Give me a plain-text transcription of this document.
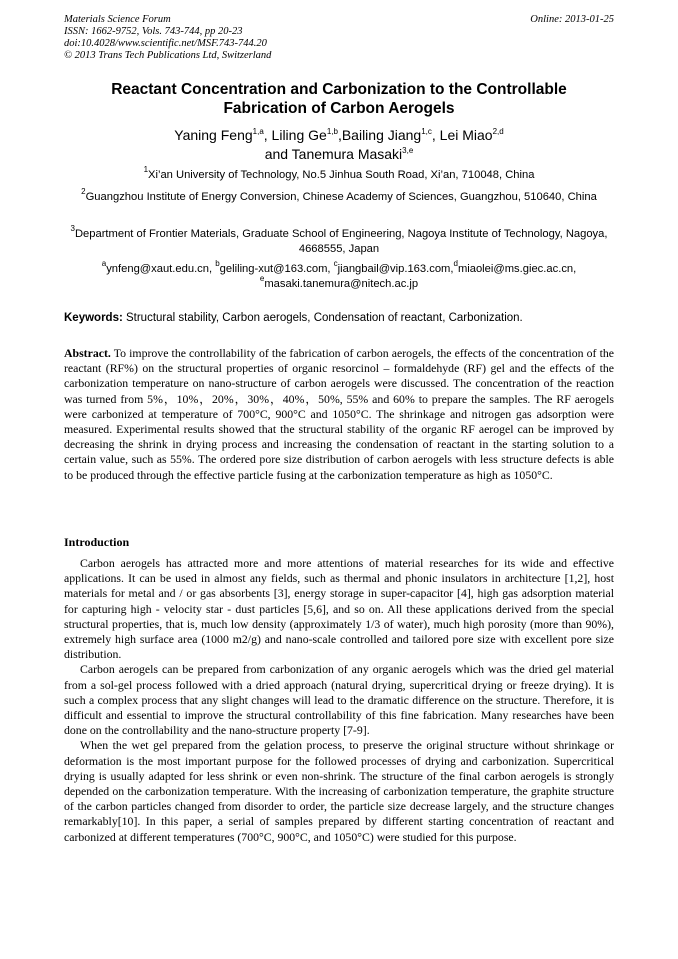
Materials Science Forum
ISSN: 1662-9752, Vols. 743-744, pp 20-23
doi:10.4028/www.scientific.net/MSF.743-744.20
© 2013 Trans Tech Publications Ltd, Switzerland
Online: 2013-01-25
Reactant Concentration and Carbonization to the Controllable
Fabrication of Carbon Aerogels
Yaning Feng$^{1,a}$, Liling Ge$^{1,b}$,Bailing Jiang$^{1,c}$, Lei Miao$^{2,d}$
and Tanemura Masaki$^{3,e}$
$^1$Xi’an University of Technology, No.5 Jinhua South Road, Xi’an, 710048, China
$^2$Guangzhou Institute of Energy Conversion, Chinese Academy of Sciences, Guangzhou, 510640, China
$^3$Department of Frontier Materials, Graduate School of Engineering, Nagoya Institute of Technology, Nagoya, 4668555, Japan
$^a$ynfeng@xaut.edu.cn, $^b$geliling-xut@163.com, $^c$jiangbail@vip.163.com,$^d$miaolei@ms.giec.ac.cn,
$^e$masaki.tanemura@nitech.ac.jp
Keywords: Structural stability, Carbon aerogels, Condensation of reactant, Carbonization.
Abstract. To improve the controllability of the fabrication of carbon aerogels, the effects of the concentration of the reactant (RF%) on the structural properties of organic resorcinol – formaldehyde (RF) gel and the effects of the carbonization temperature on nano-structure of carbon aerogels were discussed. The concentration of the reaction was turned from 5%，10%，20%，30%，40%，50%, 55% and 60% to prepare the samples. The RF aerogels were carbonized at temperature of 700°C, 900°C and 1050°C. The shrinkage and nitrogen gas adsorption were measured. Experimental results showed that the structural stability of the organic RF aerogel can be improved by decreasing the shrink in drying process and increasing the condensation of reactant in the starting solution to a certain value, such as 55%. The ordered pore size distribution of carbon aerogels with less structure defects is able to be produced through the effective particle fusing at the carbonization temperature as high as 1050°C.
Introduction

Carbon aerogels has attracted more and more attentions of material researches for its wide and effective applications. It can be used in almost any fields, such as thermal and phonic insulators in architecture [1,2], host materials for metal and / or gas absorbents [3], energy storage in super-capacitor [4], high gas adsorption material for capturing high - velocity star - dust particles [5,6], and so on. All these applications derived from the special structural properties, that is, much low density (approximately 1/3 of water), much high porosity (more than 90%), extremely high surface area (1000 m2/g) and nano-scale controlled and tailored pore size with excellent pore size distribution.

Carbon aerogels can be prepared from carbonization of any organic aerogels which was the dried gel material from a sol-gel process followed with a dried approach (natural drying, supercritical drying or freeze drying). It is such a complex process that any slight changes will lead to the dramatic difference on the structure. Therefore, it is difficult and essential to improve the structural controllability of this fine fabrication. Many researches have been done on the controllability and the nano-structure property [7-9].

When the wet gel prepared from the gelation process, to preserve the original structure without shrinkage or deformation is the most important purpose for the followed processes of drying and carbonization. Supercritical drying is usually adapted for less shrink or even non-shrink. The structure of the final carbon aerogels is strongly depended on the carbonization temperature. With the increasing of carbonization temperature, the graphite structure of the carbon particles changed from disorder to order, the particle size decrease largely, and the structure changes remarkably[10]. In this paper, a serial of samples prepared by different starting concentration of reactant and carbonized at different temperatures (700°C, 900°C, and 1050°C) were studied for this purpose.
